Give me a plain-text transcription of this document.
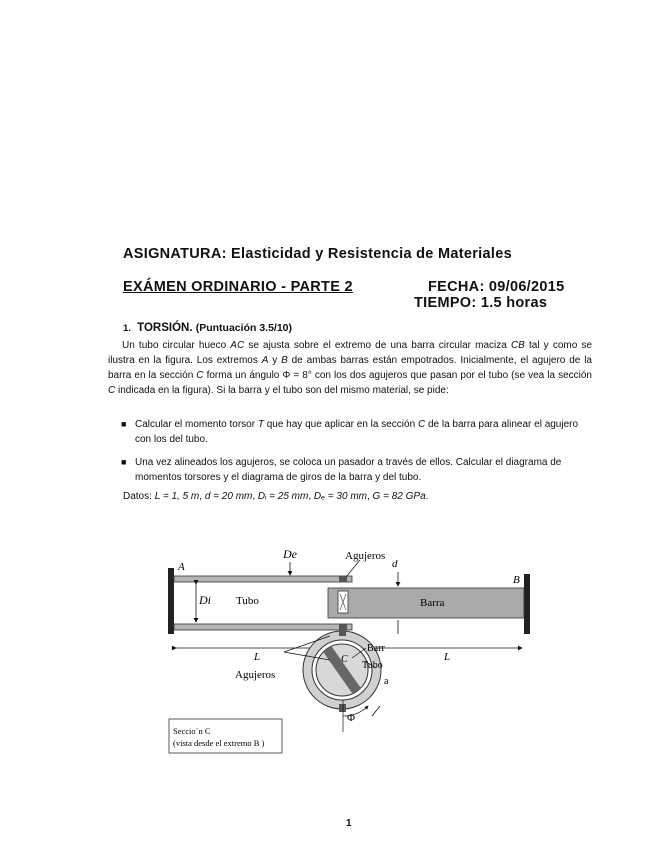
ASIGNATURA: Elasticidad y Resistencia de Materiales
EXÁMEN ORDINARIO - PARTE 2	FECHA: 09/06/2015
TIEMPO: 1.5 horas
1. TORSIÓN. (Puntuación 3.5/10)
Un tubo circular hueco AC se ajusta sobre el extremo de una barra circular maciza CB tal y como se ilustra en la figura. Los extremos A y B de ambas barras están empotrados. Inicialmente, el agujero de la barra en la sección C forma un ángulo Φ = 8° con los dos agujeros que pasan por el tubo (se vea la sección C indicada en la figura). Si la barra y el tubo son del mismo material, se pide:
■ Calcular el momento torsor T que hay que aplicar en la sección C de la barra para alinear el agujero con los del tubo.
■ Una vez alineados los agujeros, se coloca un pasador a través de ellos. Calcular el diagrama de momentos torsores y el diagrama de giros de la barra y del tubo.
Datos: L = 1, 5 m, d = 20 mm, Dᵢ = 25 mm, Dₑ = 30 mm, G = 82 GPa.
A
B
De
d
Di
Agujeros
Tubo	Barra
L	L
Agujeros
Barr
C
Tubo
a
Φ
Seccio´n C
(vista desde el extremo B )
1
